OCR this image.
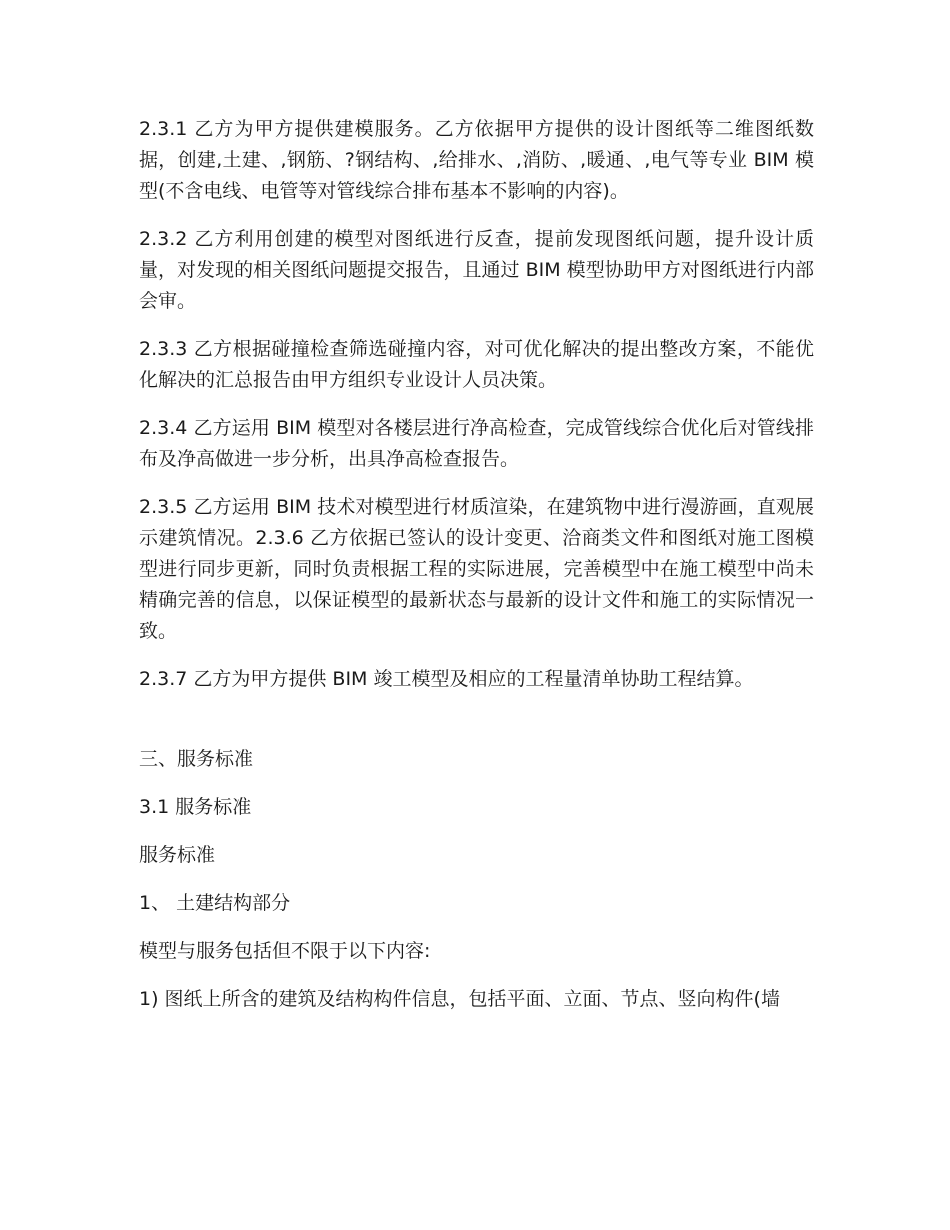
2.3.1 乙方为甲方提供建模服务。乙方依据甲方提供的设计图纸等二维图纸数据，创建,土建、,钢筋、?钢结构、,给排水、,消防、,暖通、,电气等专业 BIM 模型(不含电线、电管等对管线综合排布基本不影响的内容)。

2.3.2 乙方利用创建的模型对图纸进行反查，提前发现图纸问题，提升设计质量，对发现的相关图纸问题提交报告，且通过 BIM 模型协助甲方对图纸进行内部会审。

2.3.3 乙方根据碰撞检查筛选碰撞内容，对可优化解决的提出整改方案，不能优化解决的汇总报告由甲方组织专业设计人员决策。

2.3.4 乙方运用 BIM 模型对各楼层进行净高检查，完成管线综合优化后对管线排布及净高做进一步分析，出具净高检查报告。

2.3.5 乙方运用 BIM 技术对模型进行材质渲染，在建筑物中进行漫游画，直观展示建筑情况。2.3.6 乙方依据已签认的设计变更、洽商类文件和图纸对施工图模型进行同步更新，同时负责根据工程的实际进展，完善模型中在施工模型中尚未精确完善的信息，以保证模型的最新状态与最新的设计文件和施工的实际情况一致。

2.3.7 乙方为甲方提供 BIM 竣工模型及相应的工程量清单协助工程结算。

三、服务标准

3.1 服务标准

服务标准

1、 土建结构部分

模型与服务包括但不限于以下内容:

1) 图纸上所含的建筑及结构构件信息，包括平面、立面、节点、竖向构件(墙
